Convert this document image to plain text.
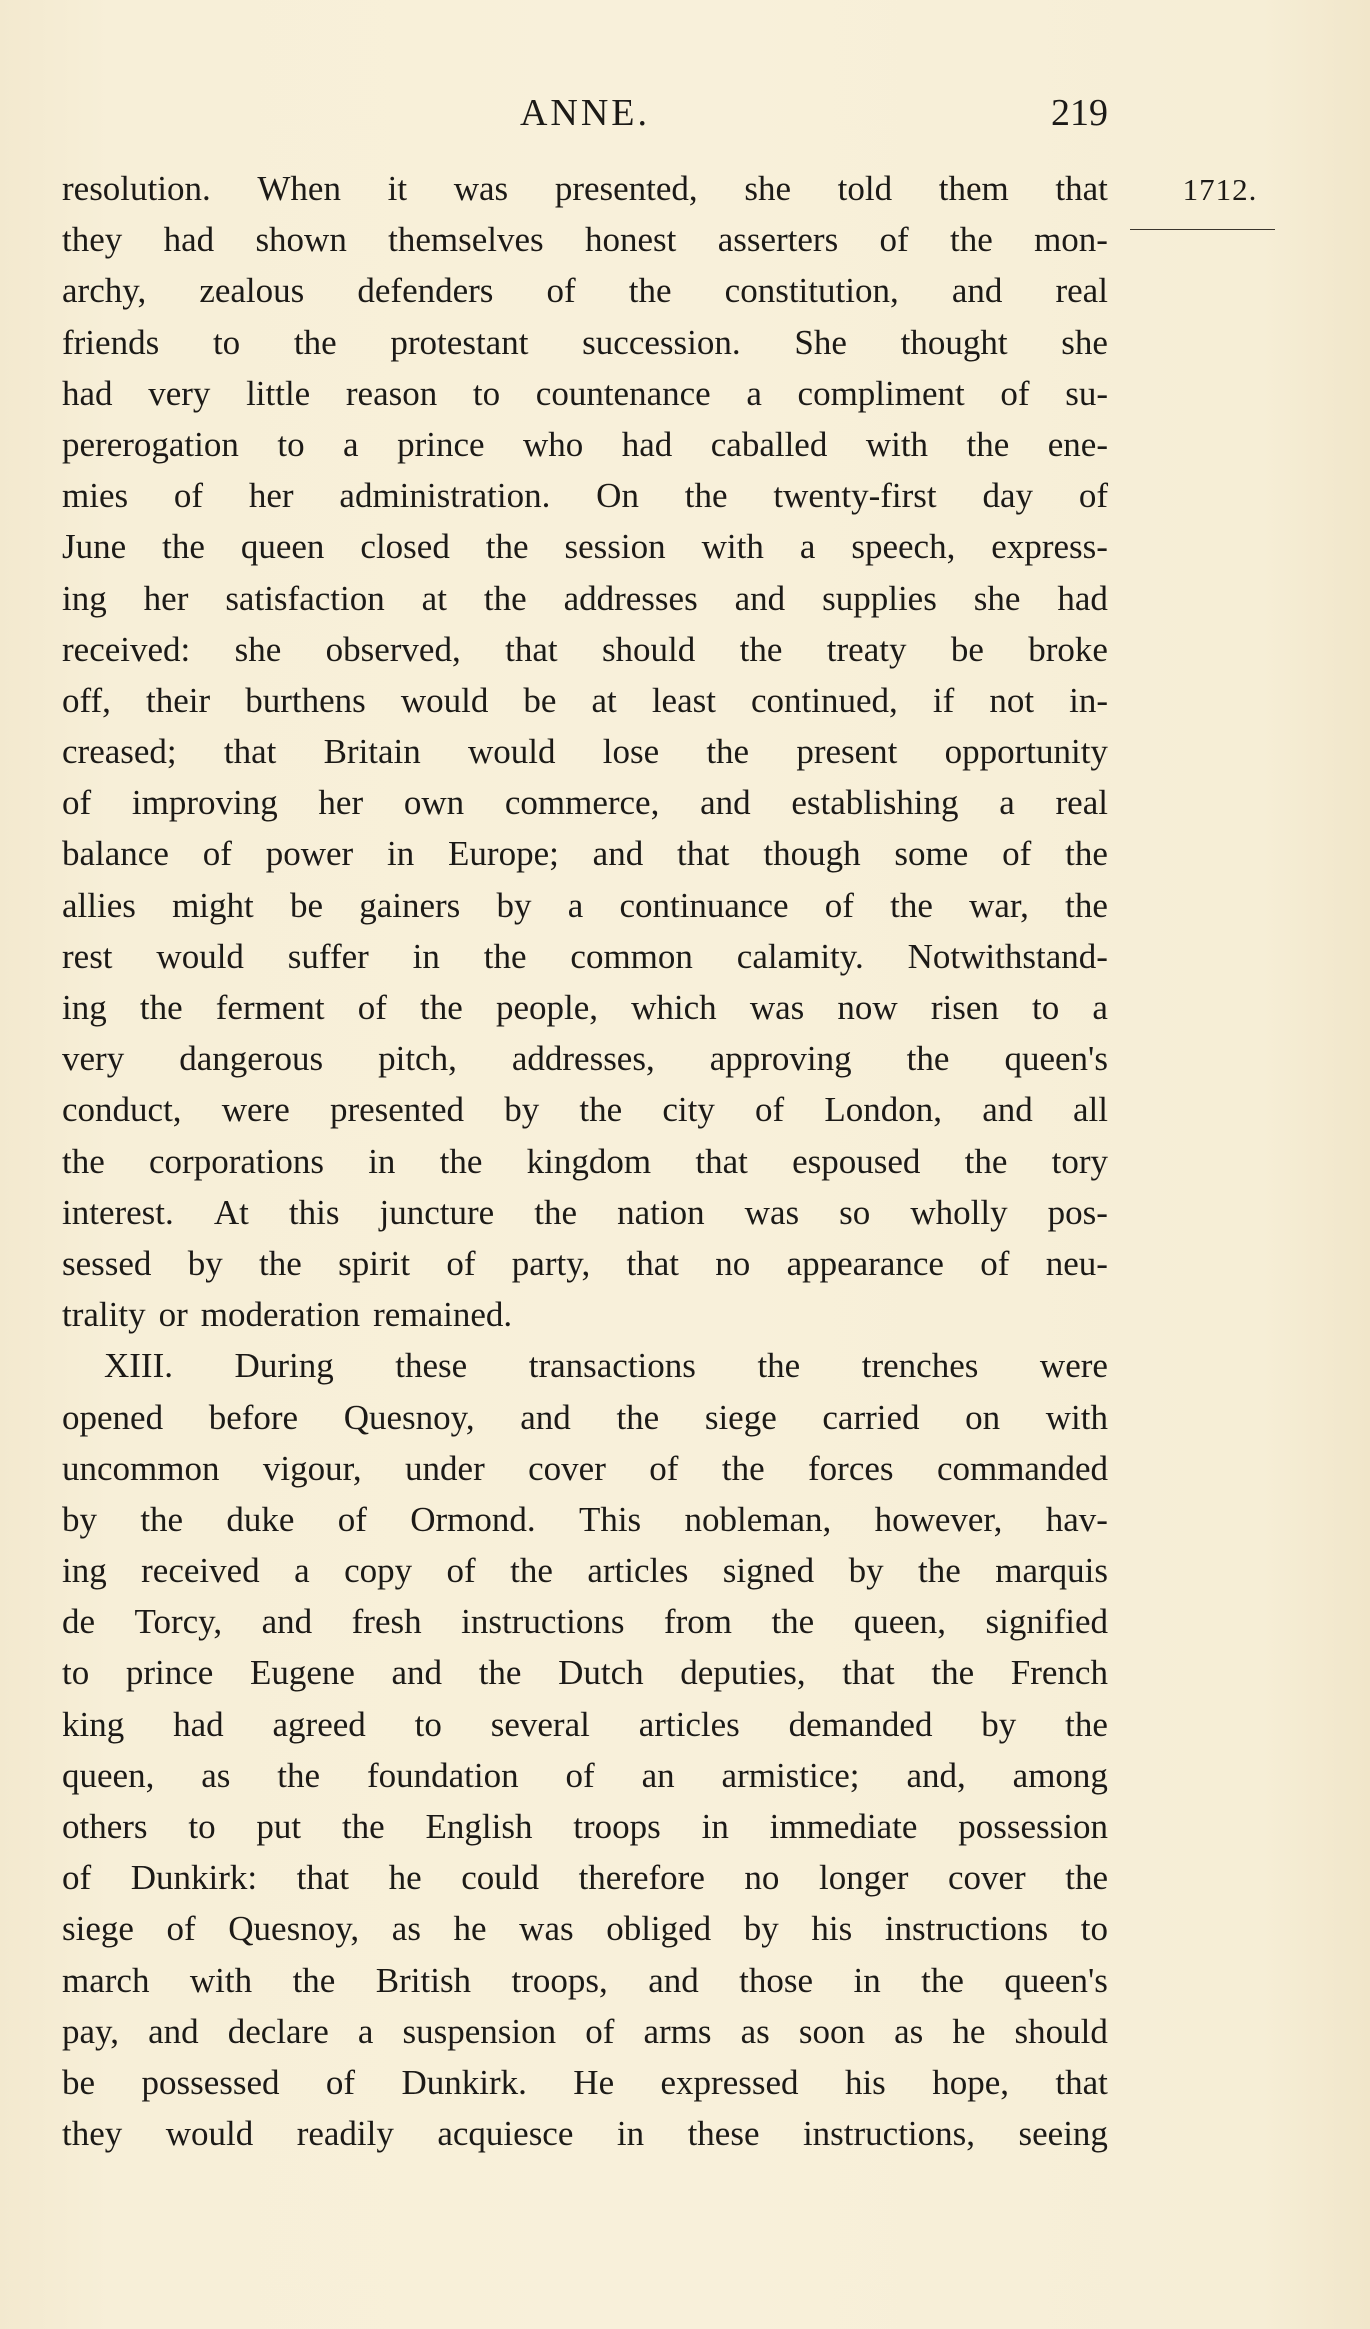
ANNE.	219
1712.
resolution. When it was presented, she told them that
they had shown themselves honest asserters of the mon-
archy, zealous defenders of the constitution, and real
friends to the protestant succession. She thought she
had very little reason to countenance a compliment of su-
pererogation to a prince who had caballed with the ene-
mies of her administration. On the twenty-first day of
June the queen closed the session with a speech, express-
ing her satisfaction at the addresses and supplies she had
received: she observed, that should the treaty be broke
off, their burthens would be at least continued, if not in-
creased; that Britain would lose the present opportunity
of improving her own commerce, and establishing a real
balance of power in Europe; and that though some of the
allies might be gainers by a continuance of the war, the
rest would suffer in the common calamity. Notwithstand-
ing the ferment of the people, which was now risen to a
very dangerous pitch, addresses, approving the queen's
conduct, were presented by the city of London, and all
the corporations in the kingdom that espoused the tory
interest. At this juncture the nation was so wholly pos-
sessed by the spirit of party, that no appearance of neu-
trality or moderation remained.
XIII. During these transactions the trenches were
opened before Quesnoy, and the siege carried on with
uncommon vigour, under cover of the forces commanded
by the duke of Ormond. This nobleman, however, hav-
ing received a copy of the articles signed by the marquis
de Torcy, and fresh instructions from the queen, signified
to prince Eugene and the Dutch deputies, that the French
king had agreed to several articles demanded by the
queen, as the foundation of an armistice; and, among
others to put the English troops in immediate possession
of Dunkirk: that he could therefore no longer cover the
siege of Quesnoy, as he was obliged by his instructions to
march with the British troops, and those in the queen's
pay, and declare a suspension of arms as soon as he should
be possessed of Dunkirk. He expressed his hope, that
they would readily acquiesce in these instructions, seeing
